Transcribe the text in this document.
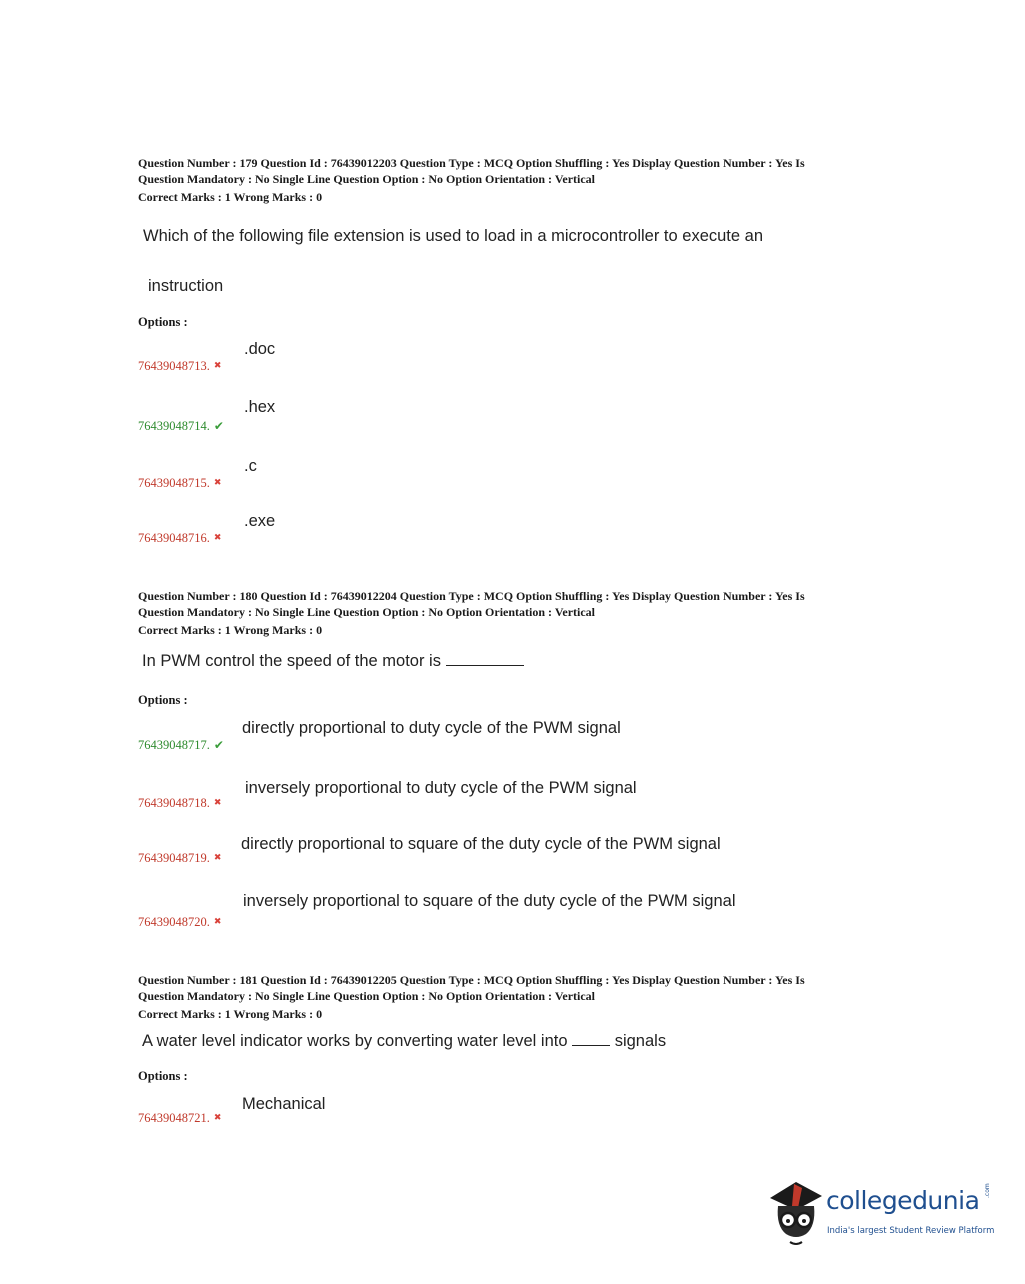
Question Number : 179 Question Id : 76439012203 Question Type : MCQ Option Shuffling : Yes Display Question Number : Yes Is
Question Mandatory : No Single Line Question Option : No Option Orientation : Vertical
Correct Marks : 1 Wrong Marks : 0
Which of the following file extension is used to load in a microcontroller to execute an
instruction
Options :
.doc
76439048713. ✖
.hex
76439048714. ✔
.c
76439048715. ✖
.exe
76439048716. ✖
Question Number : 180 Question Id : 76439012204 Question Type : MCQ Option Shuffling : Yes Display Question Number : Yes Is
Question Mandatory : No Single Line Question Option : No Option Orientation : Vertical
Correct Marks : 1 Wrong Marks : 0
In PWM control the speed of the motor is
Options :
directly proportional to duty cycle of the PWM signal
76439048717. ✔
inversely proportional to duty cycle of the PWM signal
76439048718. ✖
directly proportional to square of the duty cycle of the PWM signal
76439048719. ✖
inversely proportional to square of the duty cycle of the PWM signal
76439048720. ✖
Question Number : 181 Question Id : 76439012205 Question Type : MCQ Option Shuffling : Yes Display Question Number : Yes Is
Question Mandatory : No Single Line Question Option : No Option Orientation : Vertical
Correct Marks : 1 Wrong Marks : 0
A water level indicator works by converting water level into	signals
Options :
Mechanical
76439048721. ✖
collegedunia .com
India's largest Student Review Platform
